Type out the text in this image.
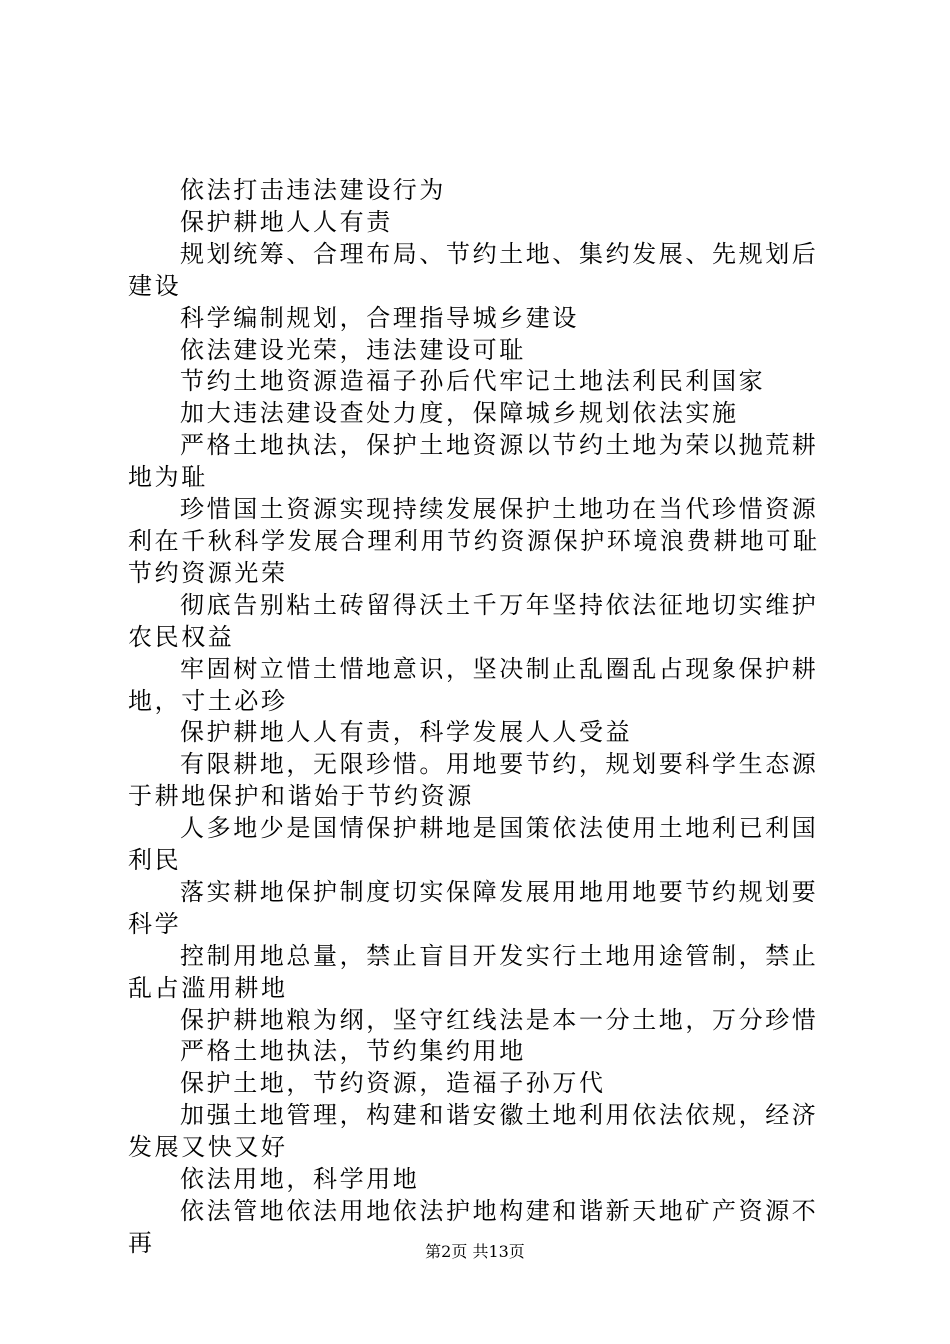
依法打击违法建设行为

保护耕地人人有责

规划统筹、合理布局、节约土地、集约发展、先规划后建设

科学编制规划，合理指导城乡建设

依法建设光荣，违法建设可耻

节约土地资源造福子孙后代牢记土地法利民利国家

加大违法建设查处力度，保障城乡规划依法实施

严格土地执法，保护土地资源以节约土地为荣以抛荒耕地为耻

珍惜国土资源实现持续发展保护土地功在当代珍惜资源利在千秋科学发展合理利用节约资源保护环境浪费耕地可耻节约资源光荣

彻底告别粘土砖留得沃土千万年坚持依法征地切实维护农民权益

牢固树立惜土惜地意识，坚决制止乱圈乱占现象保护耕地，寸土必珍

保护耕地人人有责，科学发展人人受益

有限耕地，无限珍惜。用地要节约，规划要科学生态源于耕地保护和谐始于节约资源

人多地少是国情保护耕地是国策依法使用土地利已利国利民

落实耕地保护制度切实保障发展用地用地要节约规划要科学

控制用地总量，禁止盲目开发实行土地用途管制，禁止乱占滥用耕地

保护耕地粮为纲，坚守红线法是本一分土地，万分珍惜

严格土地执法，节约集约用地

保护土地，节约资源，造福子孙万代

加强土地管理，构建和谐安徽土地利用依法依规，经济发展又快又好

依法用地，科学用地

依法管地依法用地依法护地构建和谐新天地矿产资源不再	第2页 共13页
